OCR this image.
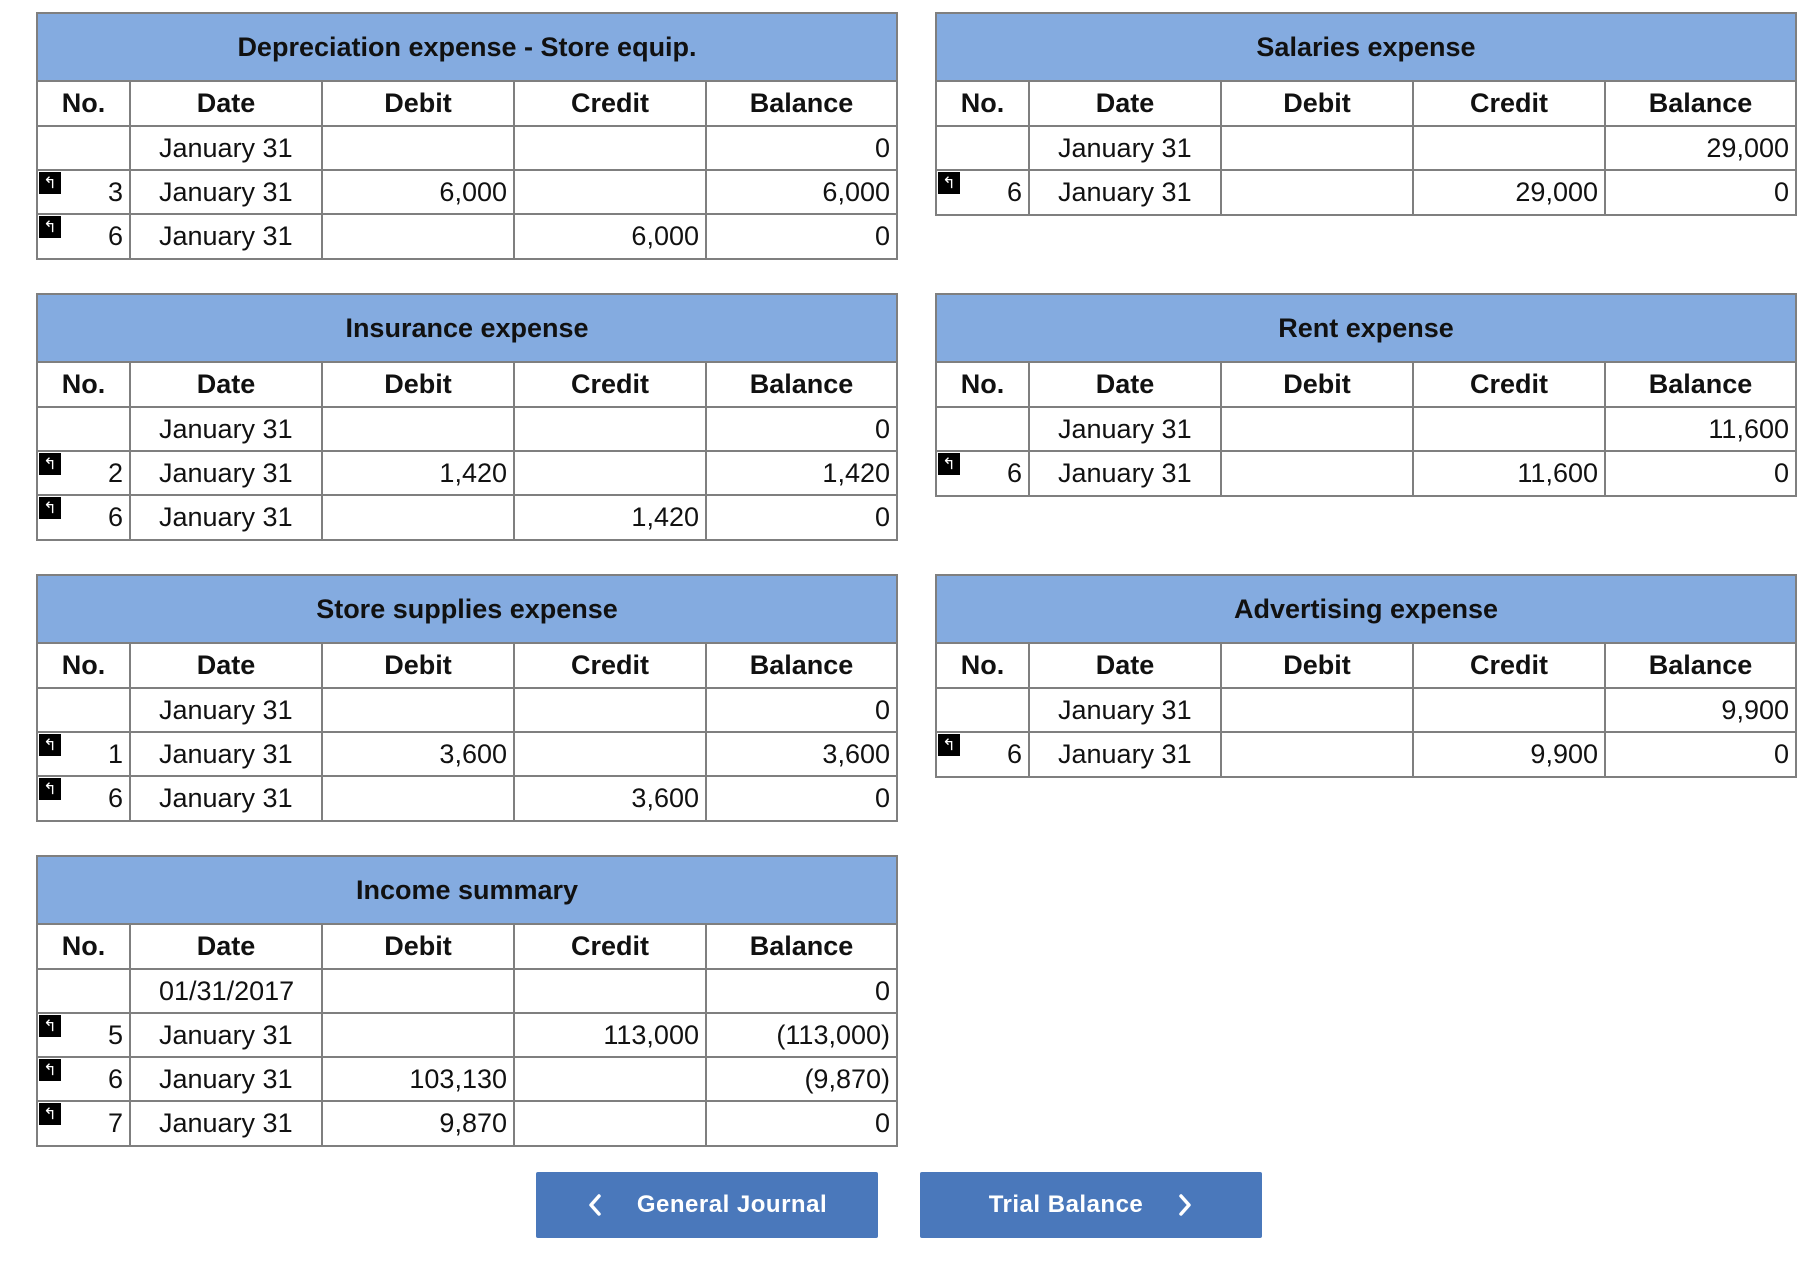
Depreciation expense - Store equip.
No.	Date	Debit	Credit	Balance
	January 31			0

↰ 3	January 31	6,000		6,000

↰ 6	January 31		6,000	0
Salaries expense
No.	Date	Debit	Credit	Balance
	January 31			29,000

↰ 6	January 31		29,000	0
Insurance expense
No.	Date	Debit	Credit	Balance
	January 31			0

↰ 2	January 31	1,420		1,420

↰ 6	January 31		1,420	0
Rent expense
No.	Date	Debit	Credit	Balance
	January 31			11,600

↰ 6	January 31		11,600	0
Store supplies expense
No.	Date	Debit	Credit	Balance
	January 31			0

↰ 1	January 31	3,600		3,600

↰ 6	January 31		3,600	0
Advertising expense
No.	Date	Debit	Credit	Balance
	January 31			9,900

↰ 6	January 31		9,900	0
Income summary
No.	Date	Debit	Credit	Balance
	01/31/2017			0

↰ 5	January 31		113,000	(113,000)

↰ 6	January 31	103,130		(9,870)

↰ 7	January 31	9,870		0
General Journal	Trial Balance
